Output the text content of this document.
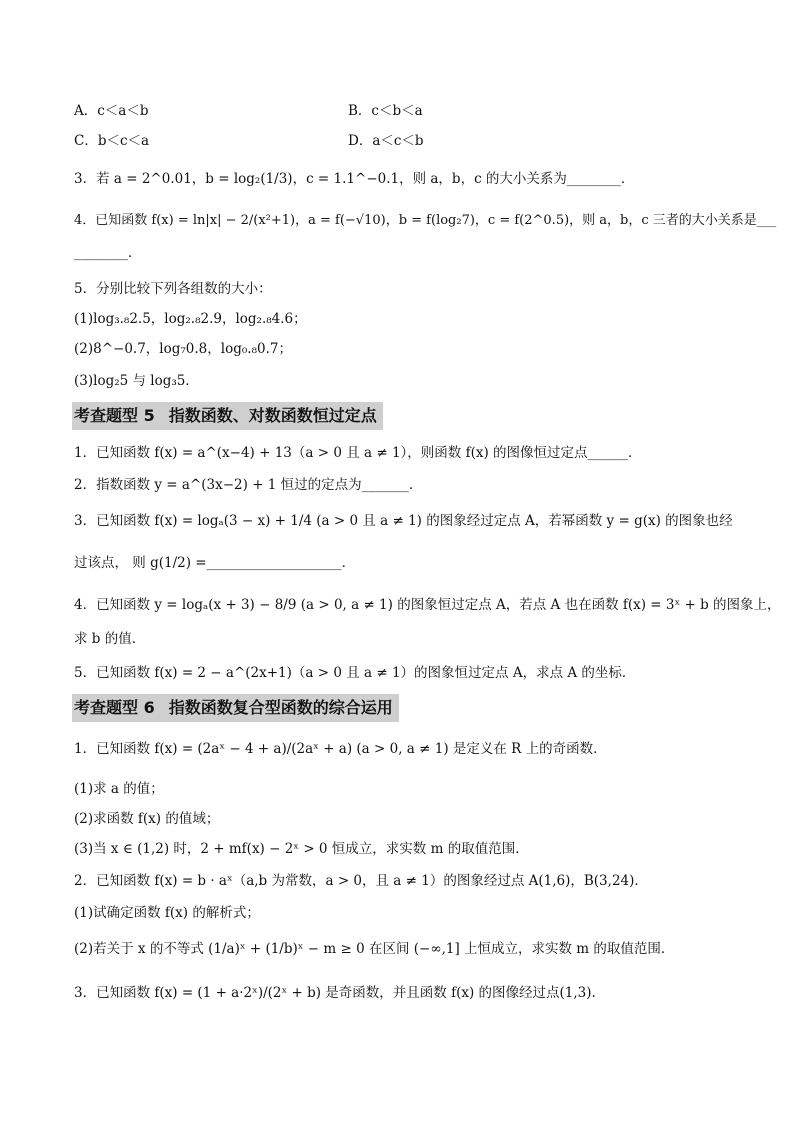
A．c＜a＜b	B．c＜b＜a
C．b＜c＜a	D．a＜c＜b
3．若 a = 2^0.01，b = log₂(1/3)，c = 1.1^−0.1，则 a，b，c 的大小关系为________．
4．已知函数 f(x) = ln|x| − 2/(x²+1)，a = f(−√10)，b = f(log₂7)，c = f(2^0.5)，则 a，b，c 三者的大小关系是___
________．
5．分别比较下列各组数的大小：
(1)log₃.₈2.5，log₂.₈2.9，log₂.₈4.6；
(2)8^−0.7，log₇0.8，log₀.₈0.7；
(3)log₂5 与 log₃5．
考查题型 5 指数函数、对数函数恒过定点
1．已知函数 f(x) = a^(x−4) + 13（a > 0 且 a ≠ 1），则函数 f(x) 的图像恒过定点______．
2．指数函数 y = a^(3x−2) + 1 恒过的定点为_______．
3．已知函数 f(x) = logₐ(3 − x) + 1/4 (a > 0 且 a ≠ 1) 的图象经过定点 A，若幂函数 y = g(x) 的图象也经
过该点， 则 g(1/2) =____________________．
4．已知函数 y = logₐ(x + 3) − 8/9 (a > 0, a ≠ 1) 的图象恒过定点 A，若点 A 也在函数 f(x) = 3ˣ + b 的图象上，
求 b 的值.
5．已知函数 f(x) = 2 − a^(2x+1)（a > 0 且 a ≠ 1）的图象恒过定点 A，求点 A 的坐标．
考查题型 6 指数函数复合型函数的综合运用
1．已知函数 f(x) = (2aˣ − 4 + a)/(2aˣ + a) (a > 0, a ≠ 1) 是定义在 R 上的奇函数．
(1)求 a 的值；
(2)求函数 f(x) 的值域；
(3)当 x ∈ (1,2) 时，2 + mf(x) − 2ˣ > 0 恒成立，求实数 m 的取值范围．
2．已知函数 f(x) = b · aˣ（a,b 为常数，a > 0，且 a ≠ 1）的图象经过点 A(1,6)，B(3,24)．
(1)试确定函数 f(x) 的解析式；
(2)若关于 x 的不等式 (1/a)ˣ + (1/b)ˣ − m ≥ 0 在区间 (−∞,1] 上恒成立，求实数 m 的取值范围．
3．已知函数 f(x) = (1 + a·2ˣ)/(2ˣ + b) 是奇函数，并且函数 f(x) 的图像经过点(1,3).
